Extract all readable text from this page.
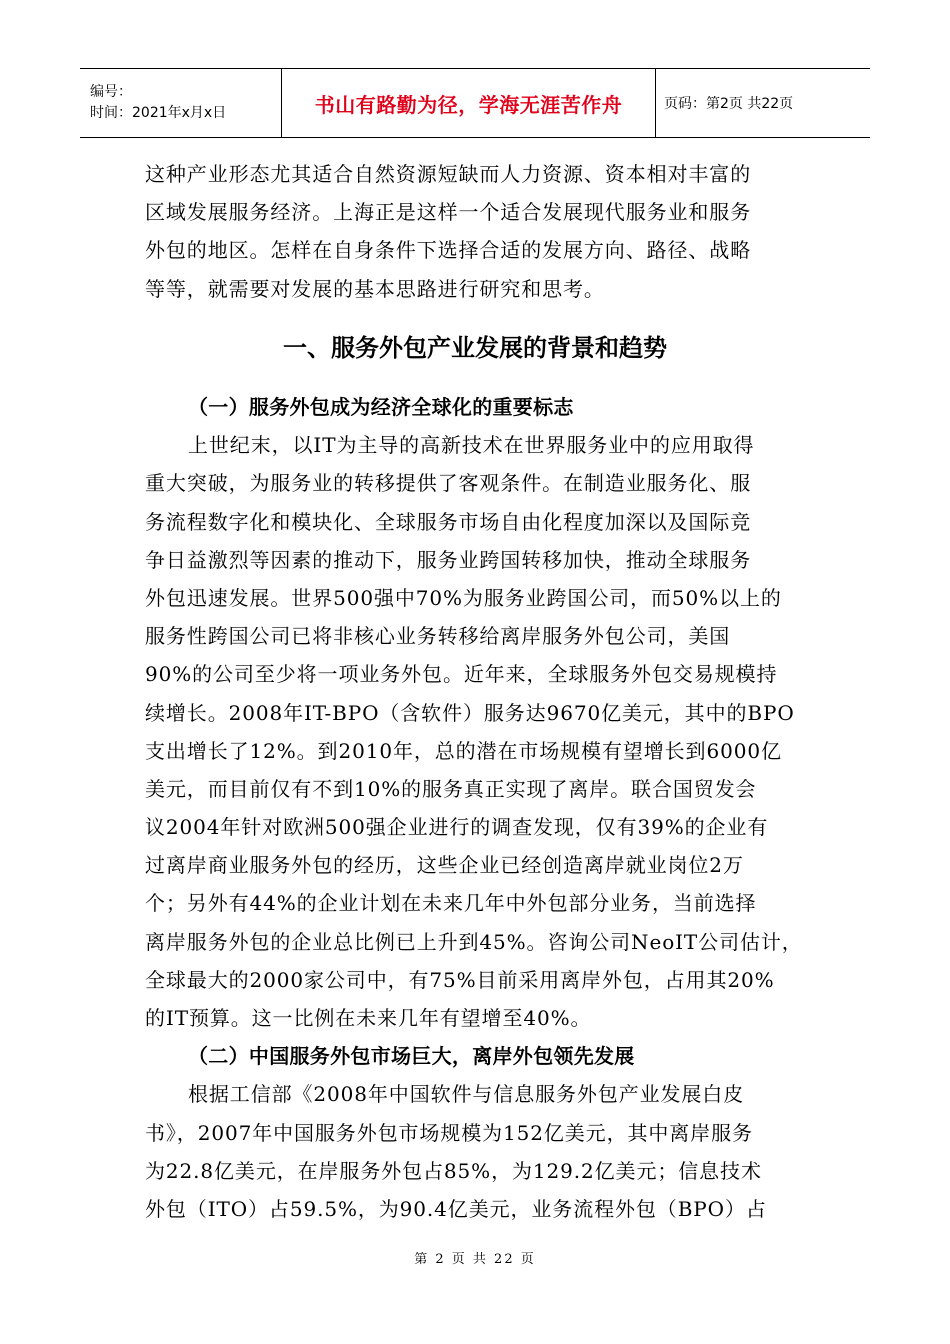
编号：
时间：2021年x月x日	书山有路勤为径，学海无涯苦作舟	页码：第2页 共22页
这种产业形态尤其适合自然资源短缺而人力资源、资本相对丰富的
区域发展服务经济。上海正是这样一个适合发展现代服务业和服务
外包的地区。怎样在自身条件下选择合适的发展方向、路径、战略
等等，就需要对发展的基本思路进行研究和思考。
一、服务外包产业发展的背景和趋势
（一）服务外包成为经济全球化的重要标志
上世纪末，以IT为主导的高新技术在世界服务业中的应用取得
重大突破，为服务业的转移提供了客观条件。在制造业服务化、服
务流程数字化和模块化、全球服务市场自由化程度加深以及国际竞
争日益激烈等因素的推动下，服务业跨国转移加快，推动全球服务
外包迅速发展。世界500强中70%为服务业跨国公司，而50%以上的
服务性跨国公司已将非核心业务转移给离岸服务外包公司，美国
90%的公司至少将一项业务外包。近年来，全球服务外包交易规模持
续增长。2008年IT-BPO（含软件）服务达9670亿美元，其中的BPO
支出增长了12%。到2010年，总的潜在市场规模有望增长到6000亿
美元，而目前仅有不到10%的服务真正实现了离岸。联合国贸发会
议2004年针对欧洲500强企业进行的调查发现，仅有39%的企业有
过离岸商业服务外包的经历，这些企业已经创造离岸就业岗位2万
个；另外有44%的企业计划在未来几年中外包部分业务，当前选择
离岸服务外包的企业总比例已上升到45%。咨询公司NeoIT公司估计，
全球最大的2000家公司中，有75%目前采用离岸外包，占用其20%
的IT预算。这一比例在未来几年有望增至40%。
（二）中国服务外包市场巨大，离岸外包领先发展
根据工信部《2008年中国软件与信息服务外包产业发展白皮
书》，2007年中国服务外包市场规模为152亿美元，其中离岸服务
为22.8亿美元，在岸服务外包占85%，为129.2亿美元；信息技术
外包（ITO）占59.5%，为90.4亿美元，业务流程外包（BPO）占
第 2 页 共 22 页
